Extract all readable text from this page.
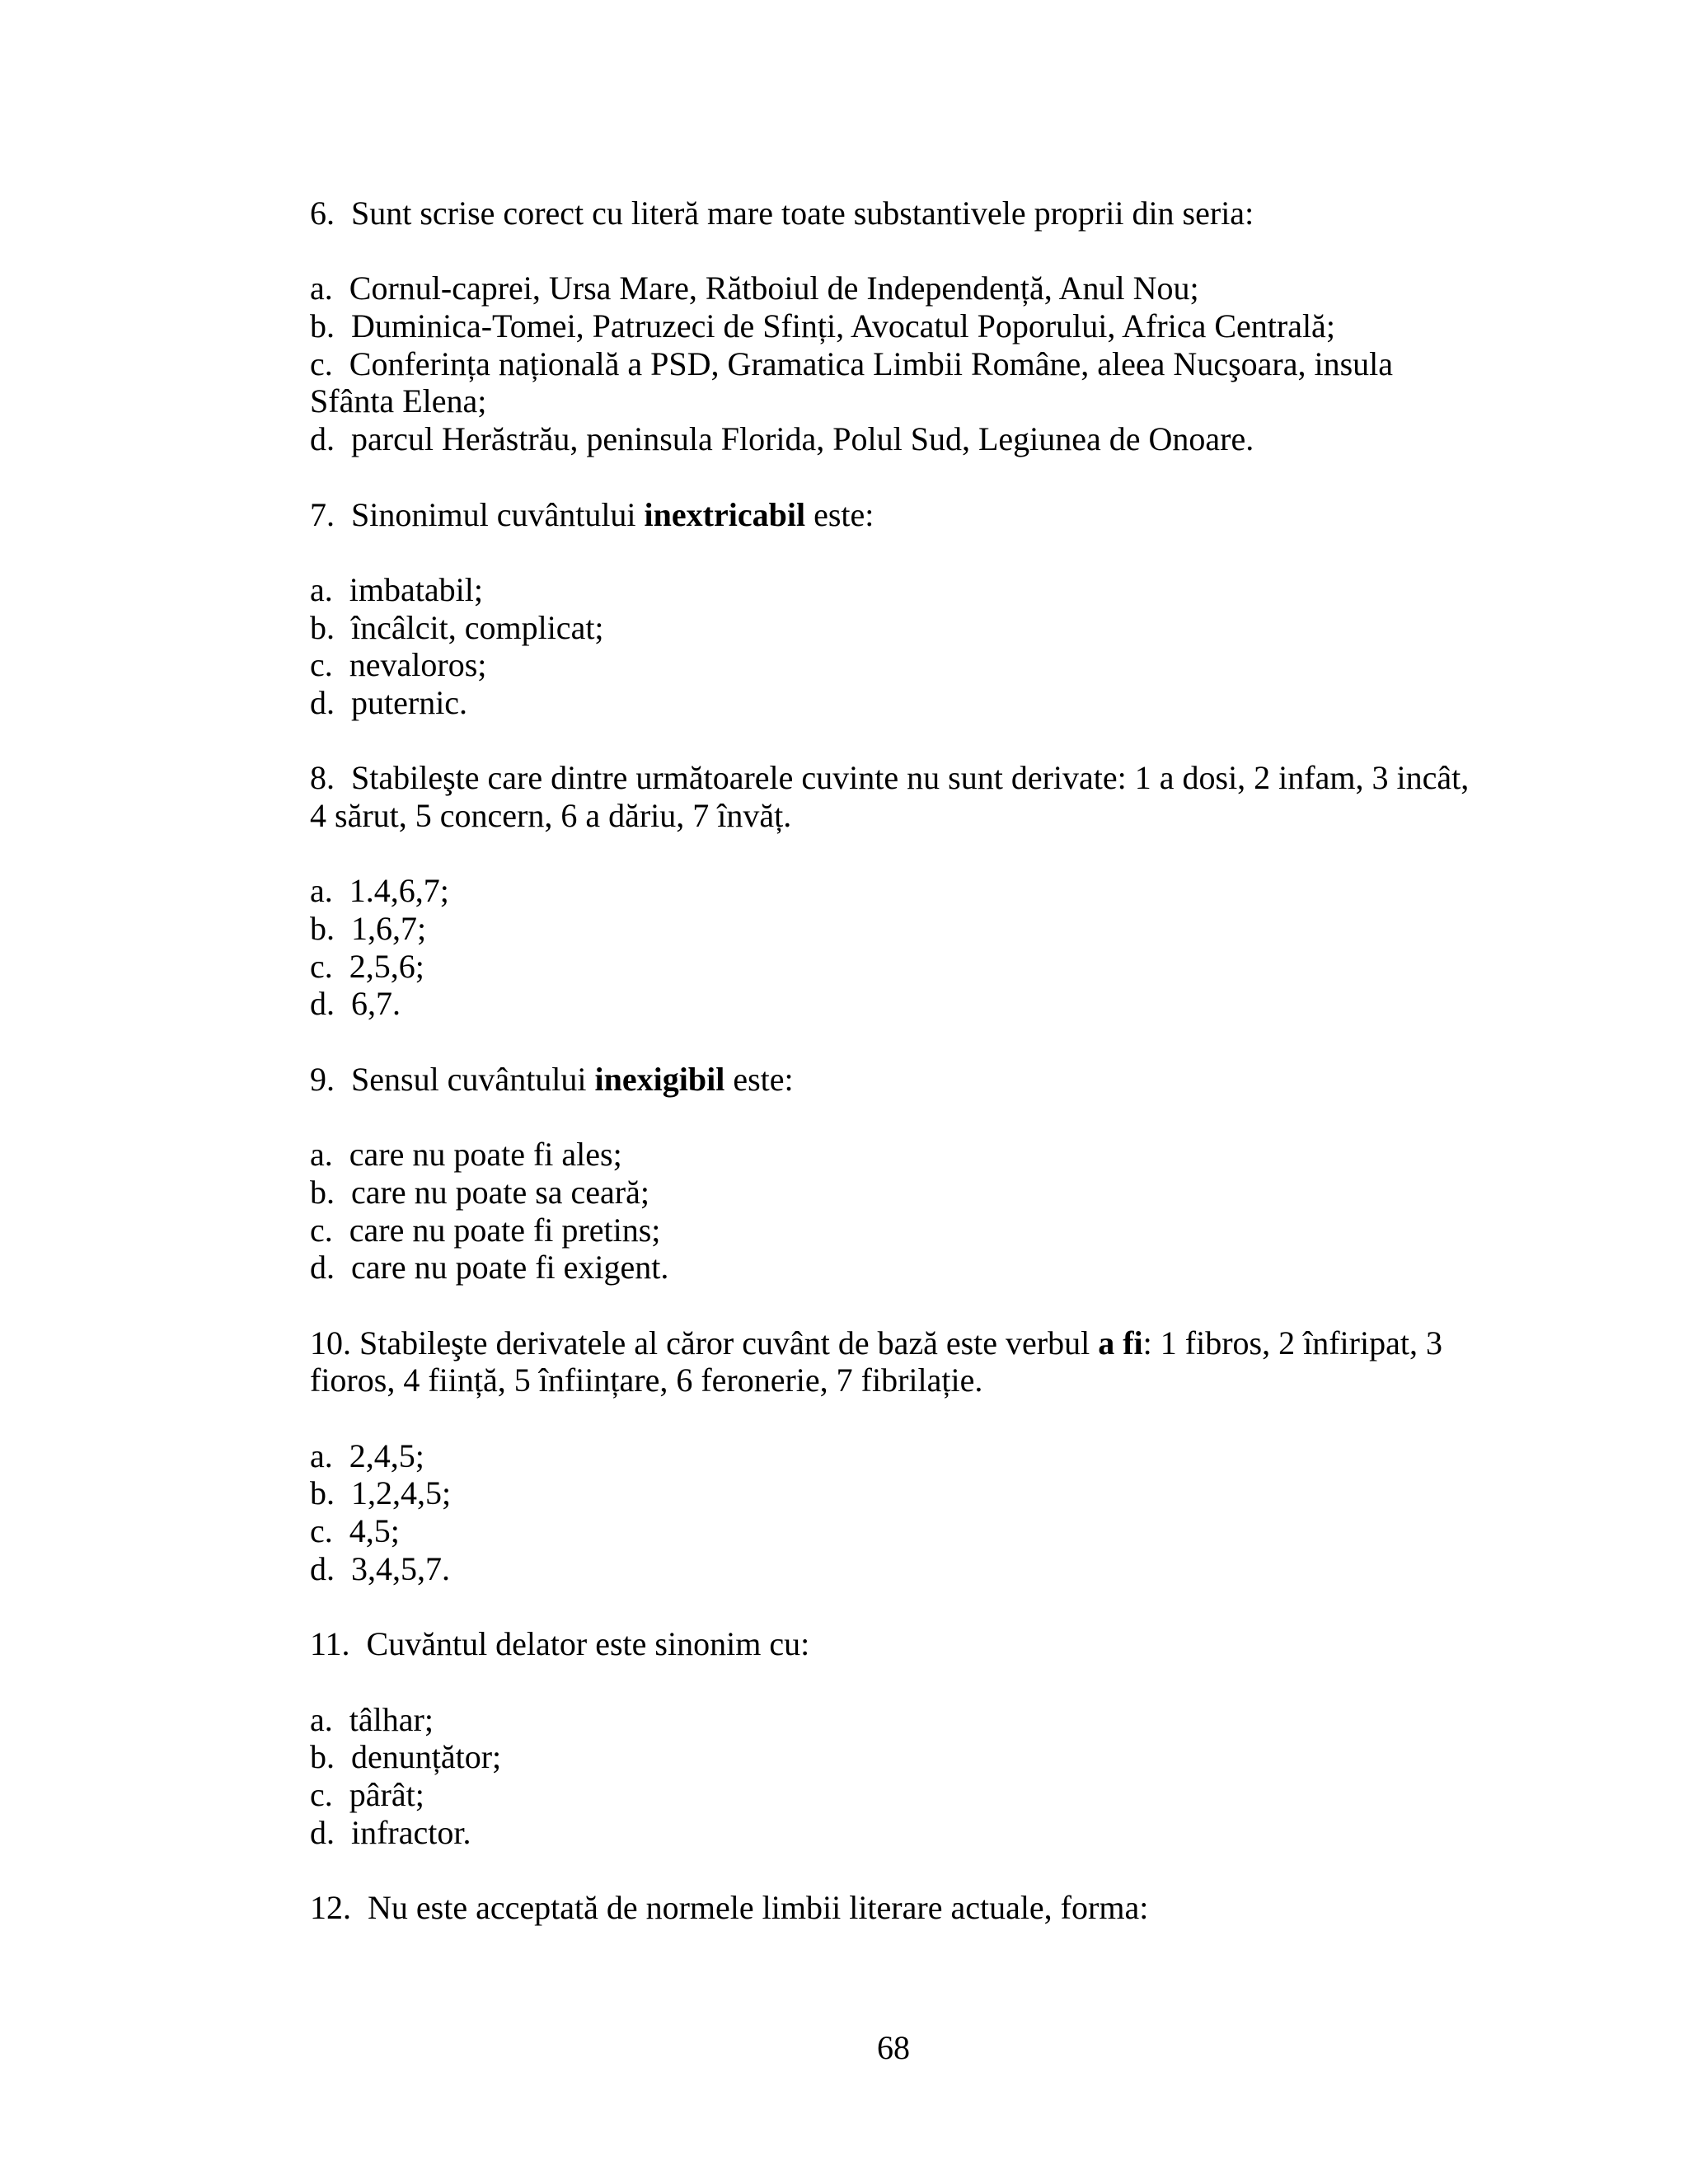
6. Sunt scrise corect cu literă mare toate substantivele proprii din seria:
a. Cornul-caprei, Ursa Mare, Rătboiul de Independență, Anul Nou;
b. Duminica-Tomei, Patruzeci de Sfinți, Avocatul Poporului, Africa Centrală;
c. Conferința națională a PSD, Gramatica Limbii Române, aleea Nucşoara, insula
Sfânta Elena;
d. parcul Herăstrău, peninsula Florida, Polul Sud, Legiunea de Onoare.
7. Sinonimul cuvântului inextricabil este:
a. imbatabil;
b. încâlcit, complicat;
c. nevaloros;
d. puternic.
8. Stabileşte care dintre următoarele cuvinte nu sunt derivate: 1 a dosi, 2 infam, 3 incât,
4 sărut, 5 concern, 6 a dăriu, 7 învăț.
a. 1.4,6,7;
b. 1,6,7;
c. 2,5,6;
d. 6,7.
9. Sensul cuvântului inexigibil este:
a. care nu poate fi ales;
b. care nu poate sa ceară;
c. care nu poate fi pretins;
d. care nu poate fi exigent.
10. Stabileşte derivatele al căror cuvânt de bază este verbul a fi: 1 fibros, 2 înfiripat, 3
fioros, 4 ființă, 5 înființare, 6 feronerie, 7 fibrilație.
a. 2,4,5;
b. 1,2,4,5;
c. 4,5;
d. 3,4,5,7.
11. Cuvăntul delator este sinonim cu:
a. tâlhar;
b. denunțător;
c. pârât;
d. infractor.
12. Nu este acceptată de normele limbii literare actuale, forma:
68
